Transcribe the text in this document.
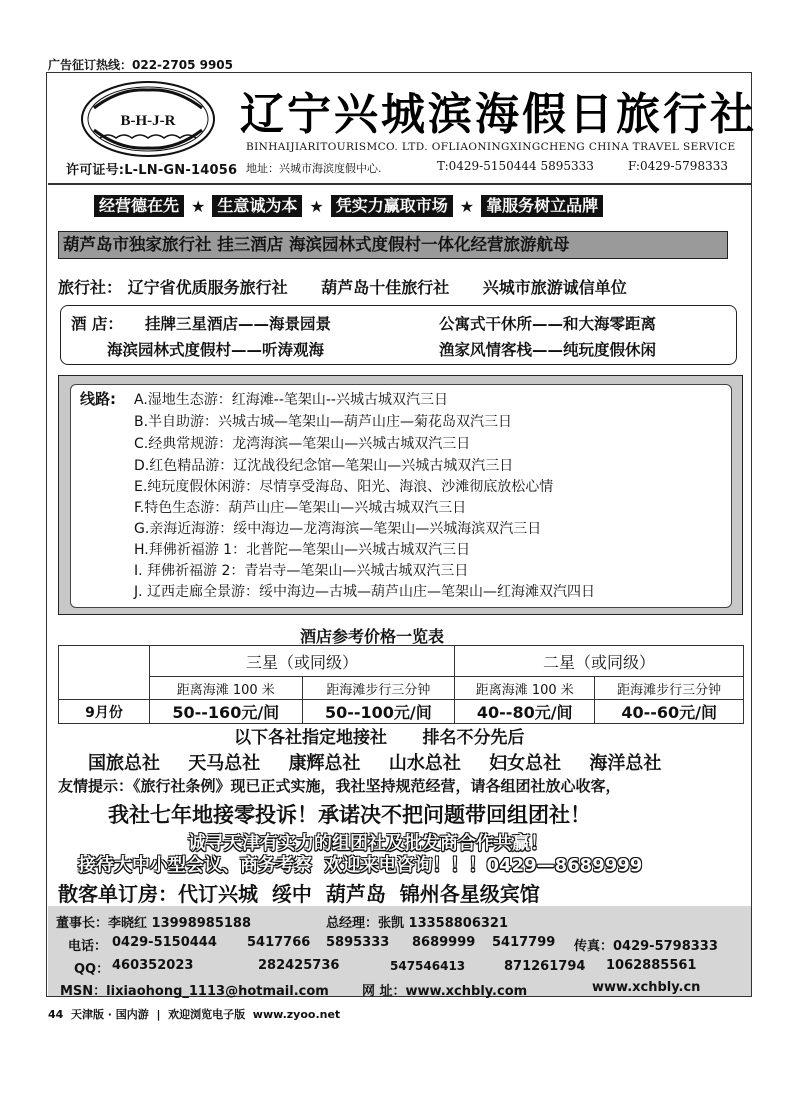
广告征订热线：022-2705 9905
B-H-J-R
许可证号:L-LN-GN-14056
辽宁兴城滨海假日旅行社
BINHAIJIARITOURISMCO. LTD. OFLIAONINGXINGCHENG CHINA TRAVEL SERVICE
地址：兴城市海滨度假中心.	T:0429-5150444 5895333	F:0429-5798333
经营德在先 ★ 生意诚为本 ★ 凭实力赢取市场 ★ 靠服务树立品牌
葫芦岛市独家旅行社 挂三酒店 海滨园林式度假村一体化经营旅游航母
旅行社： 辽宁省优质服务旅行社 葫芦岛十佳旅行社 兴城市旅游诚信单位
酒 店： 挂牌三星酒店——海景园景	公寓式干休所——和大海零距离
海滨园林式度假村——听涛观海	渔家风情客栈——纯玩度假休闲
线路: A.湿地生态游：红海滩--笔架山--兴城古城双汽三日
B.半自助游：兴城古城—笔架山—葫芦山庄—菊花岛双汽三日
C.经典常规游：龙湾海滨—笔架山—兴城古城双汽三日
D.红色精品游：辽沈战役纪念馆—笔架山—兴城古城双汽三日
E.纯玩度假休闲游：尽情享受海岛、阳光、海浪、沙滩彻底放松心情
F.特色生态游：葫芦山庄—笔架山—兴城古城双汽三日
G.亲海近海游：绥中海边—龙湾海滨—笔架山—兴城海滨双汽三日
H.拜佛祈福游 1：北普陀—笔架山—兴城古城双汽三日
I. 拜佛祈福游 2：青岩寺—笔架山—兴城古城双汽三日
J. 辽西走廊全景游：绥中海边—古城—葫芦山庄—笔架山—红海滩双汽四日
酒店参考价格一览表
	三星（或同级）		二星（或同级）	
	距离海滩 100 米	距海滩步行三分钟	距离海滩 100 米	距海滩步行三分钟
9月份	50--160元/间	50--100元/间	40--80元/间	40--60元/间
以下各社指定地接社      排名不分先后
国旅总社 天马总社 康辉总社 山水总社 妇女总社 海洋总社
友情提示：《旅行社条例》现已正式实施，我社坚持规范经营，请各组团社放心收客，
我社七年地接零投诉！承诺决不把问题带回组团社！
诚寻天津有实力的组团社及批发商合作共赢！
接待大中小型会议、商务考察  欢迎来电咨询！！！0429—8689999
散客单订房：代订兴城  绥中  葫芦岛  锦州各星级宾馆
董事长：李晓红 13998985188	总经理：张凯 13358806321
电话： 0429-5150444 5417766 5895333 8689999 5417799 传真：0429-5798333
QQ： 460352023	282425736	547546413	871261794 1062885561
MSN：lixiaohong_1113@hotmail.com	网 址：www.xchbly.com	www.xchbly.cn
44  天津版 · 国内游  |  欢迎浏览电子版  www.zyoo.net
